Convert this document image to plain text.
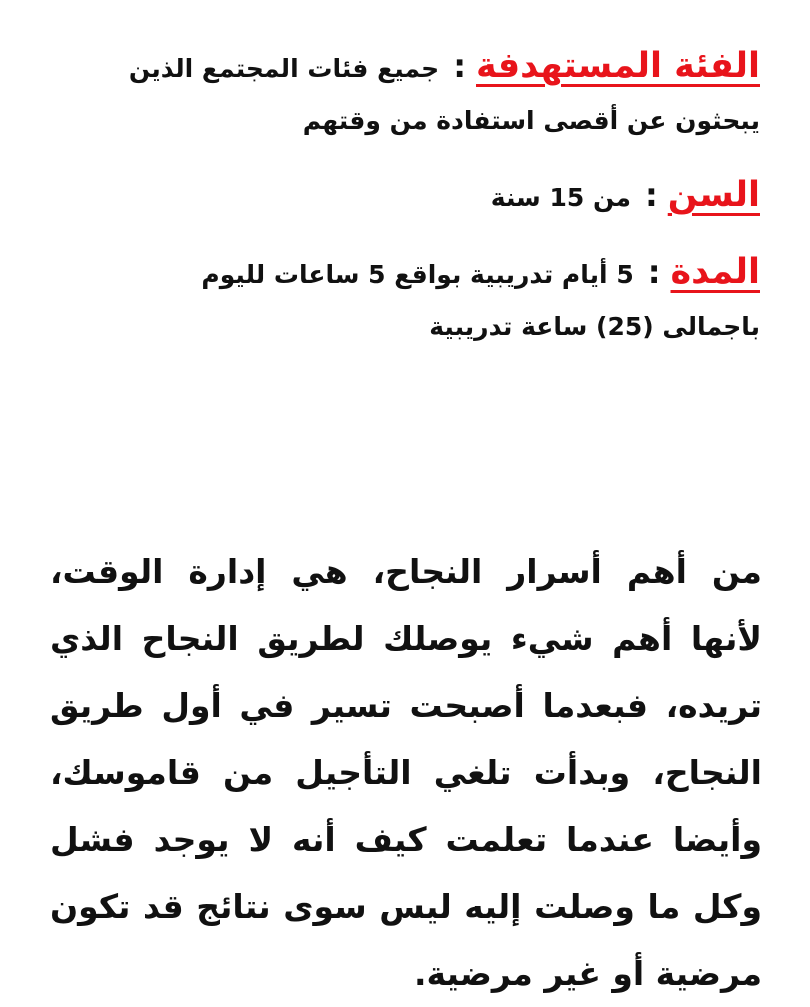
الفئة المستهدفة:جميع فئات المجتمع الذين يبحثون عن أقصى استفادة من وقتهم

السن:من 15 سنة

المدة:5 أيام تدريبية بواقع 5 ساعات لليوم باجمالى (25) ساعة تدريبية

من أهم أسرار النجاح، هي إدارة الوقت، لأنها أهم شيء يوصلك لطريق النجاح الذي تريده، فبعدما أصبحت تسير في أول طريق النجاح، وبدأت تلغي التأجيل من قاموسك، وأيضا عندما تعلمت كيف أنه لا يوجد فشل وكل ما وصلت إليه ليس سوى نتائج قد تكون مرضية أو غير مرضية.
